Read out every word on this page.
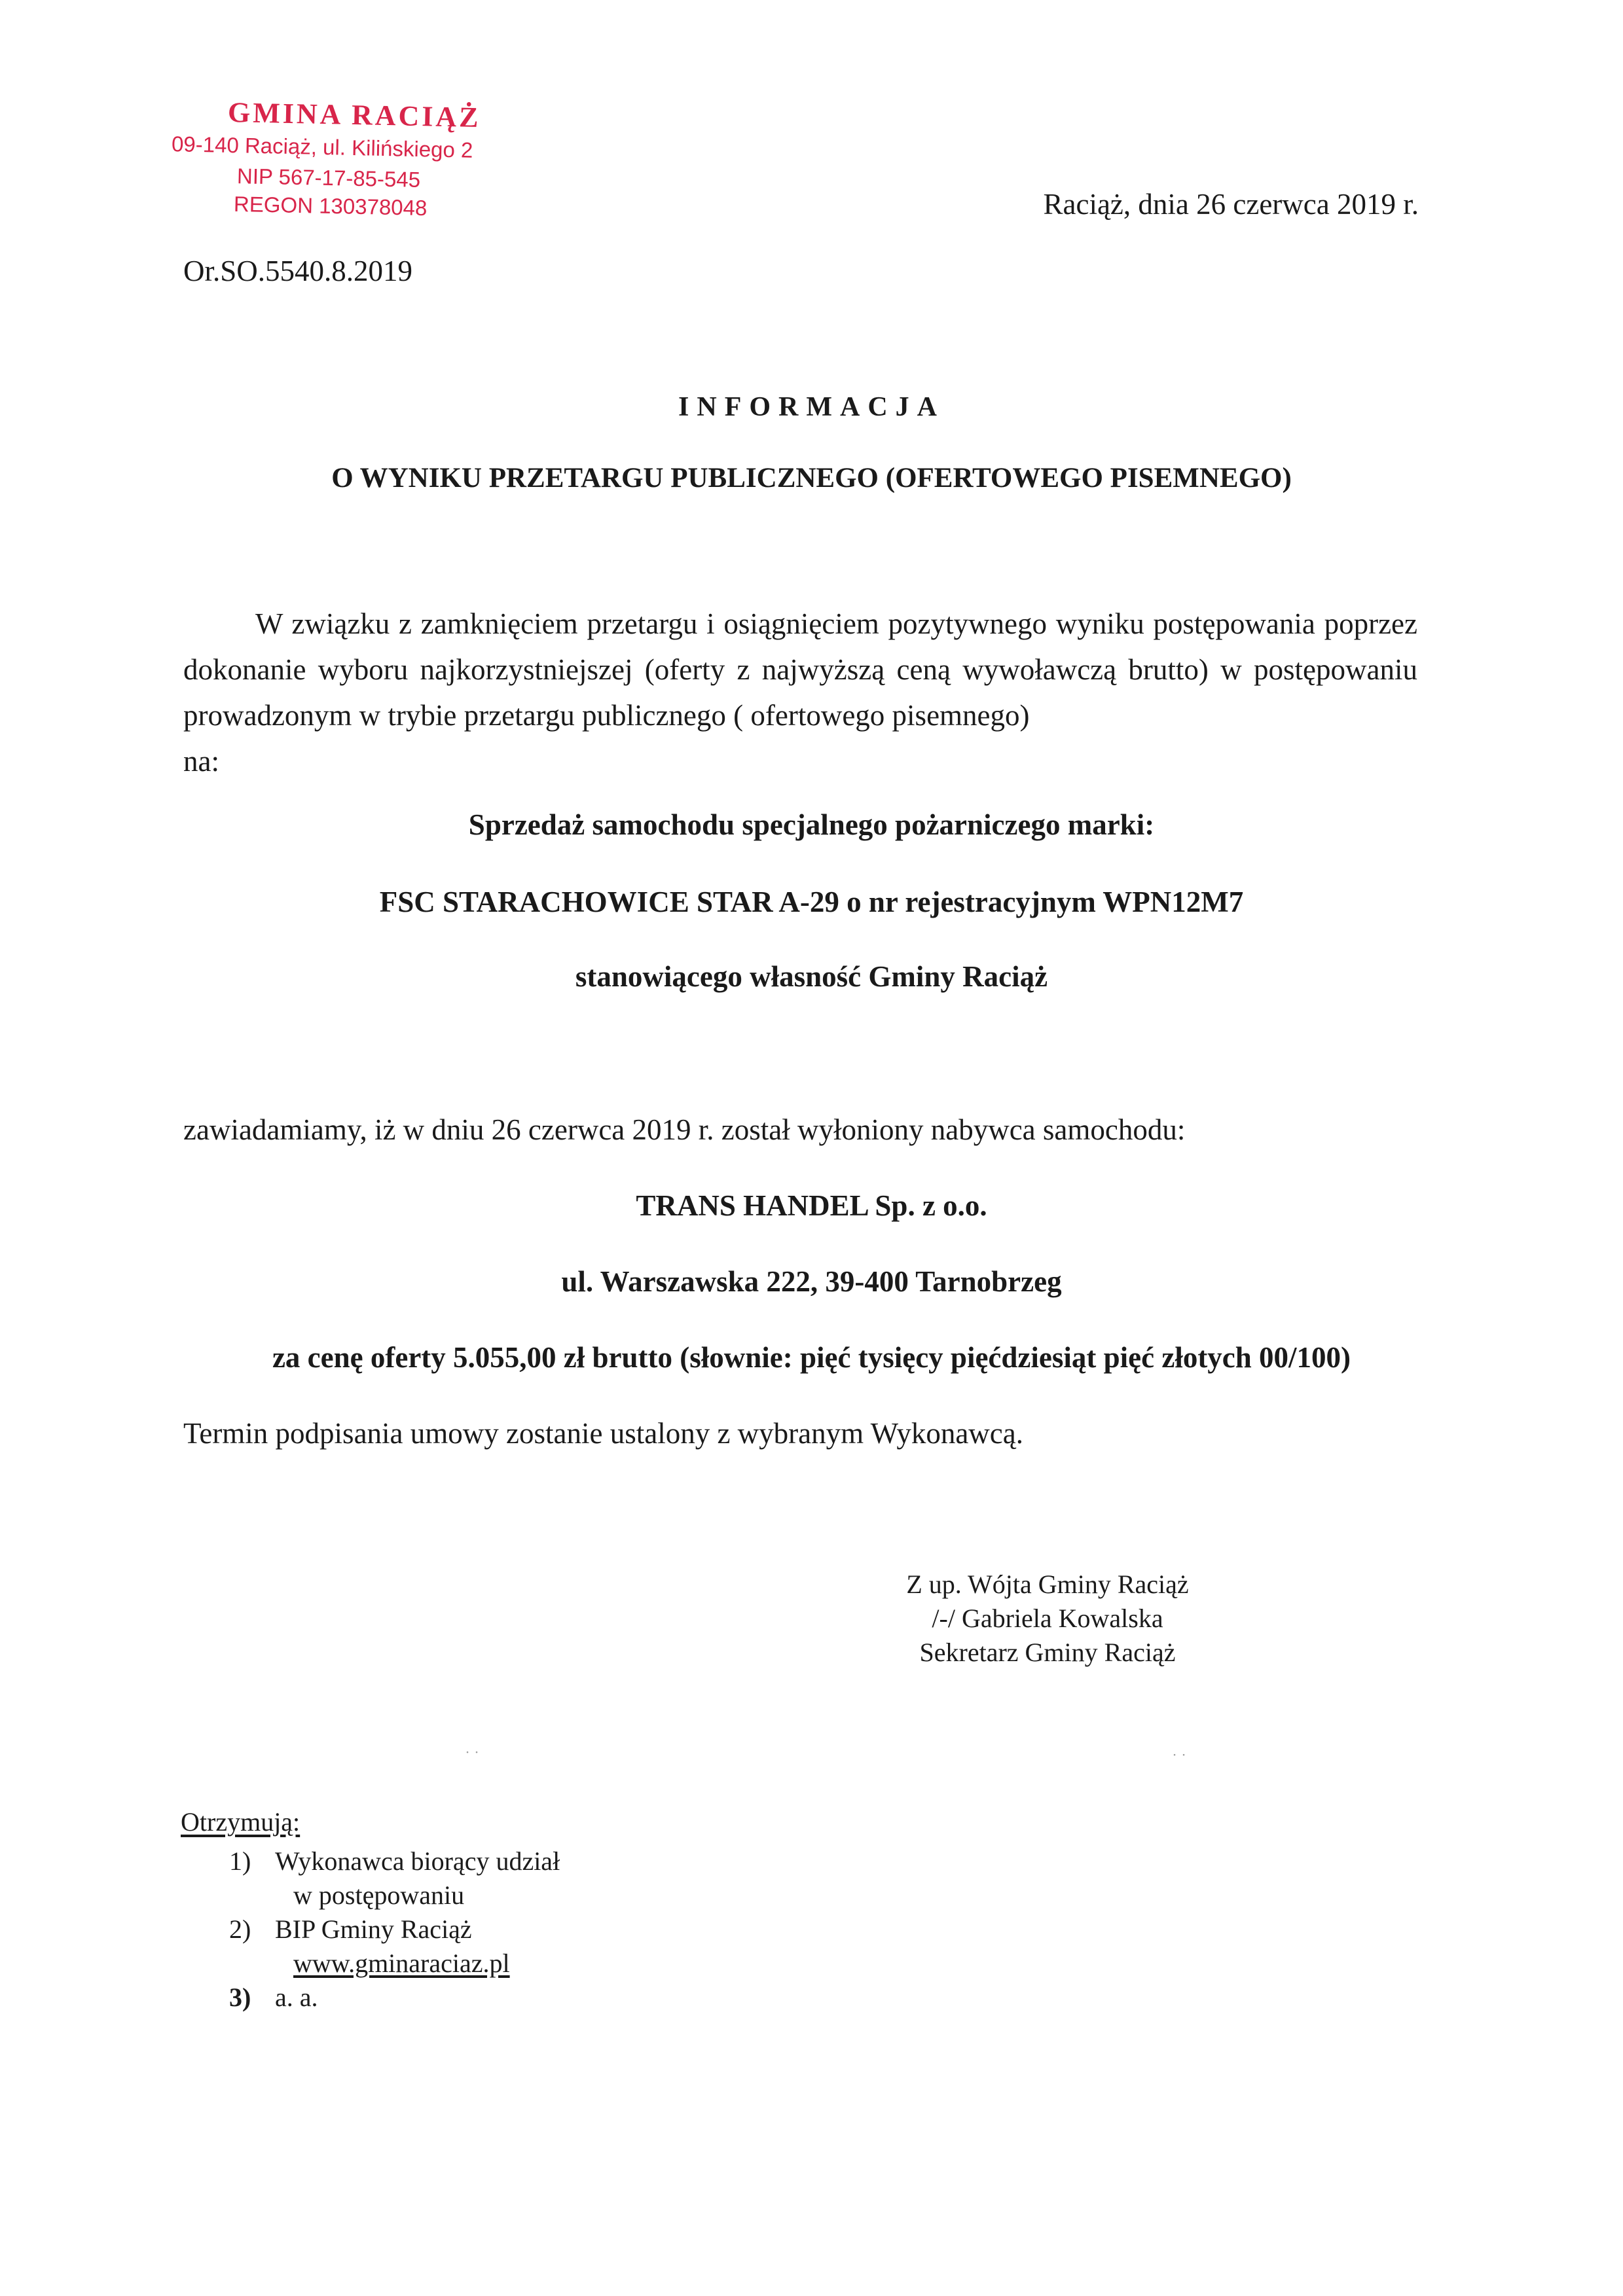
GMINA RACIĄŻ
09-140 Raciąż, ul. Kilińskiego 2
NIP 567-17-85-545
REGON 130378048	Raciąż, dnia 26 czerwca 2019 r.
Or.SO.5540.8.2019
INFORMACJA
O WYNIKU PRZETARGU PUBLICZNEGO (OFERTOWEGO PISEMNEGO)

W związku z zamknięciem przetargu i osiągnięciem pozytywnego wyniku postępowania poprzez dokonanie wyboru najkorzystniejszej (oferty z najwyższą ceną wywoławczą brutto) w postępowaniu prowadzonym w trybie przetargu publicznego ( ofertowego pisemnego)

na:

Sprzedaż samochodu specjalnego pożarniczego marki:
FSC STARACHOWICE STAR A-29 o nr rejestracyjnym WPN12M7
stanowiącego własność Gminy Raciąż
zawiadamiamy, iż w dniu 26 czerwca 2019 r. został wyłoniony nabywca samochodu:
TRANS HANDEL Sp. z o.o.
ul. Warszawska 222, 39-400 Tarnobrzeg
za cenę oferty 5.055,00 zł brutto (słownie: pięć tysięcy pięćdziesiąt pięć złotych 00/100)
Termin podpisania umowy zostanie ustalony z wybranym Wykonawcą.
Z up. Wójta Gminy Raciąż
/-/ Gabriela Kowalska
Sekretarz Gminy Raciąż
˙ ˙	˙ ˙
Otrzymują:
1) Wykonawca biorący udział
w postępowaniu
2) BIP Gminy Raciąż
www.gminaraciaz.pl
3) a. a.
